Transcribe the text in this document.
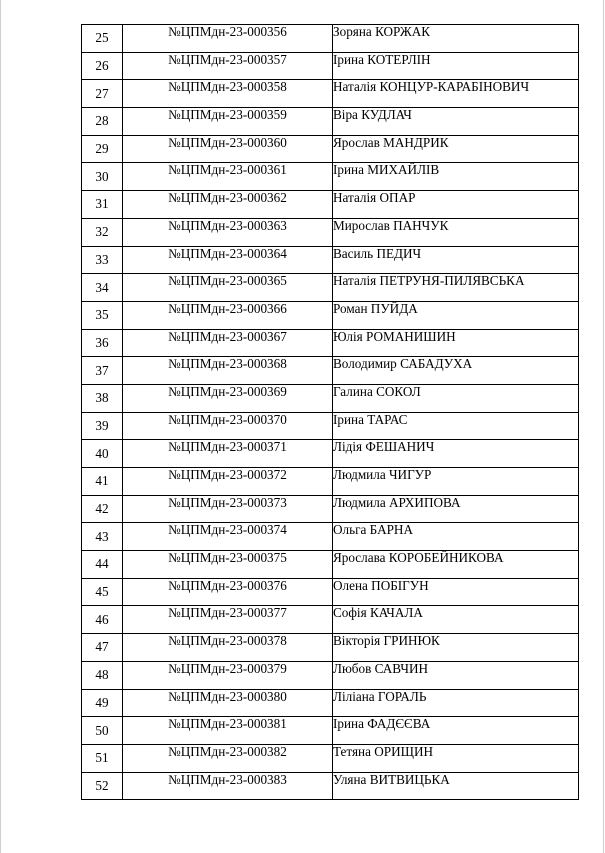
25	№ЦПМдн-23-000356	Зоряна КОРЖАК
26	№ЦПМдн-23-000357	Ірина КОТЕРЛІН
27	№ЦПМдн-23-000358	Наталія КОНЦУР-КАРАБІНОВИЧ
28	№ЦПМдн-23-000359	Віра КУДЛАЧ
29	№ЦПМдн-23-000360	Ярослав МАНДРИК
30	№ЦПМдн-23-000361	Ірина МИХАЙЛІВ
31	№ЦПМдн-23-000362	Наталія ОПАР
32	№ЦПМдн-23-000363	Мирослав ПАНЧУК
33	№ЦПМдн-23-000364	Василь ПЕДИЧ
34	№ЦПМдн-23-000365	Наталія ПЕТРУНЯ-ПИЛЯВСЬКА
35	№ЦПМдн-23-000366	Роман ПУЙДА
36	№ЦПМдн-23-000367	Юлія РОМАНИШИН
37	№ЦПМдн-23-000368	Володимир САБАДУХА
38	№ЦПМдн-23-000369	Галина СОКОЛ
39	№ЦПМдн-23-000370	Ірина ТАРАС
40	№ЦПМдн-23-000371	Лідія ФЕШАНИЧ
41	№ЦПМдн-23-000372	Людмила ЧИГУР
42	№ЦПМдн-23-000373	Людмила АРХИПОВА
43	№ЦПМдн-23-000374	Ольга БАРНА
44	№ЦПМдн-23-000375	Ярослава КОРОБЕЙНИКОВА
45	№ЦПМдн-23-000376	Олена ПОБІГУН
46	№ЦПМдн-23-000377	Софія КАЧАЛА
47	№ЦПМдн-23-000378	Вікторія ГРИНЮК
48	№ЦПМдн-23-000379	Любов САВЧИН
49	№ЦПМдн-23-000380	Ліліана ГОРАЛЬ
50	№ЦПМдн-23-000381	Ірина ФАДЄЄВА
51	№ЦПМдн-23-000382	Тетяна ОРИЩИН
52	№ЦПМдн-23-000383	Уляна ВИТВИЦЬКА
